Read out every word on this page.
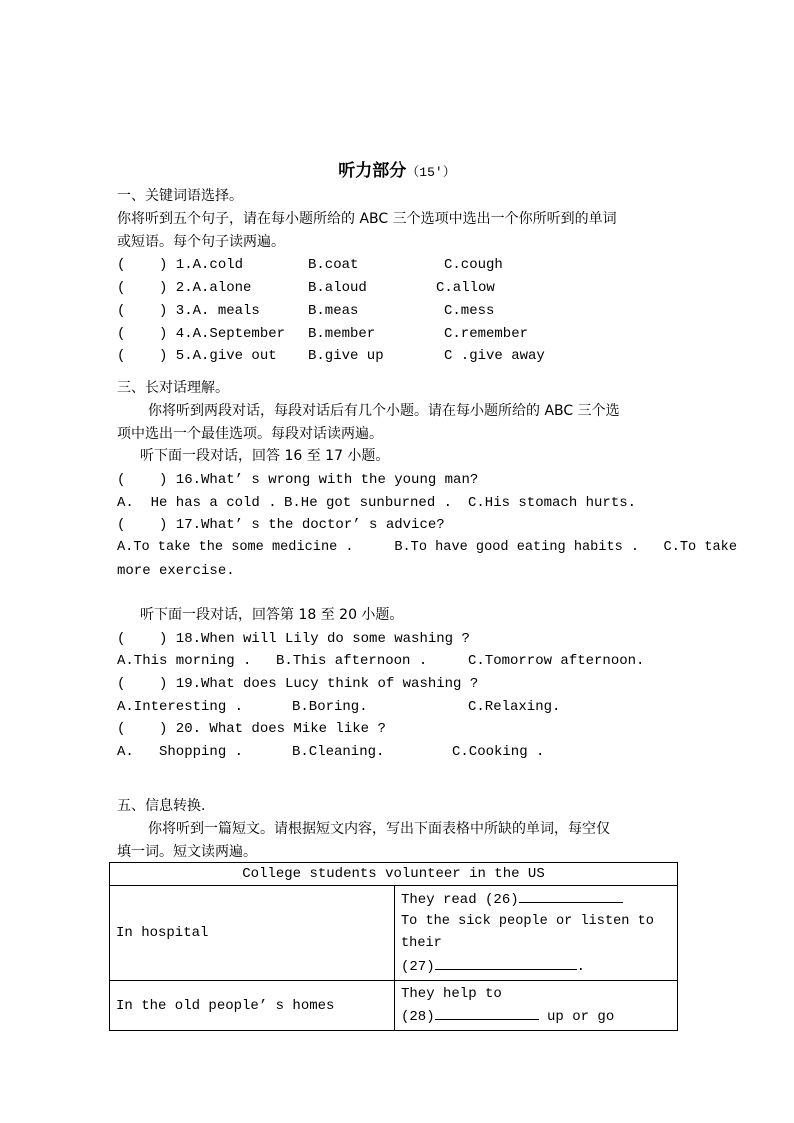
听力部分（15'）
一、关键词语选择。
你将听到五个句子，请在每小题所给的 ABC 三个选项中选出一个你所听到的单词
或短语。每个句子读两遍。
(    ) 1.A.cold	B.coat	C.cough
(    ) 2.A.alone	B.aloud	C.allow
(    ) 3.A. meals	B.meas	C.mess
(    ) 4.A.September B.member	C.remember
(    ) 5.A.give out B.give up	C .give away
三、长对话理解。
你将听到两段对话，每段对话后有几个小题。请在每小题所给的 ABC 三个选
项中选出一个最佳选项。每段对话读两遍。
听下面一段对话，回答 16 至 17 小题。
(    ) 16.What’ s wrong with the young man?
A.  He has a cold . B.He got sunburned . C.His stomach hurts.
(    ) 17.What’ s the doctor’ s advice?
A.To take the some medicine .     B.To have good eating habits .   C.To take
more exercise.
听下面一段对话，回答第 18 至 20 小题。
(    ) 18.When will Lily do some washing ?
A.This morning . B.This afternoon .	C.Tomorrow afternoon.
(    ) 19.What does Lucy think of washing ?
A.Interesting .	B.Boring.	C.Relaxing.
(    ) 20. What does Mike like ?
A.   Shopping .	B.Cleaning.	C.Cooking .
五、信息转换.
你将听到一篇短文。请根据短文内容，写出下面表格中所缺的单词，每空仅
填一词。短文读两遍。
College students volunteer in the US	
In hospital	They read (26)
To the sick people or listen to their
(27) .

In the old people’ s homes	They help to
(28) up or go
